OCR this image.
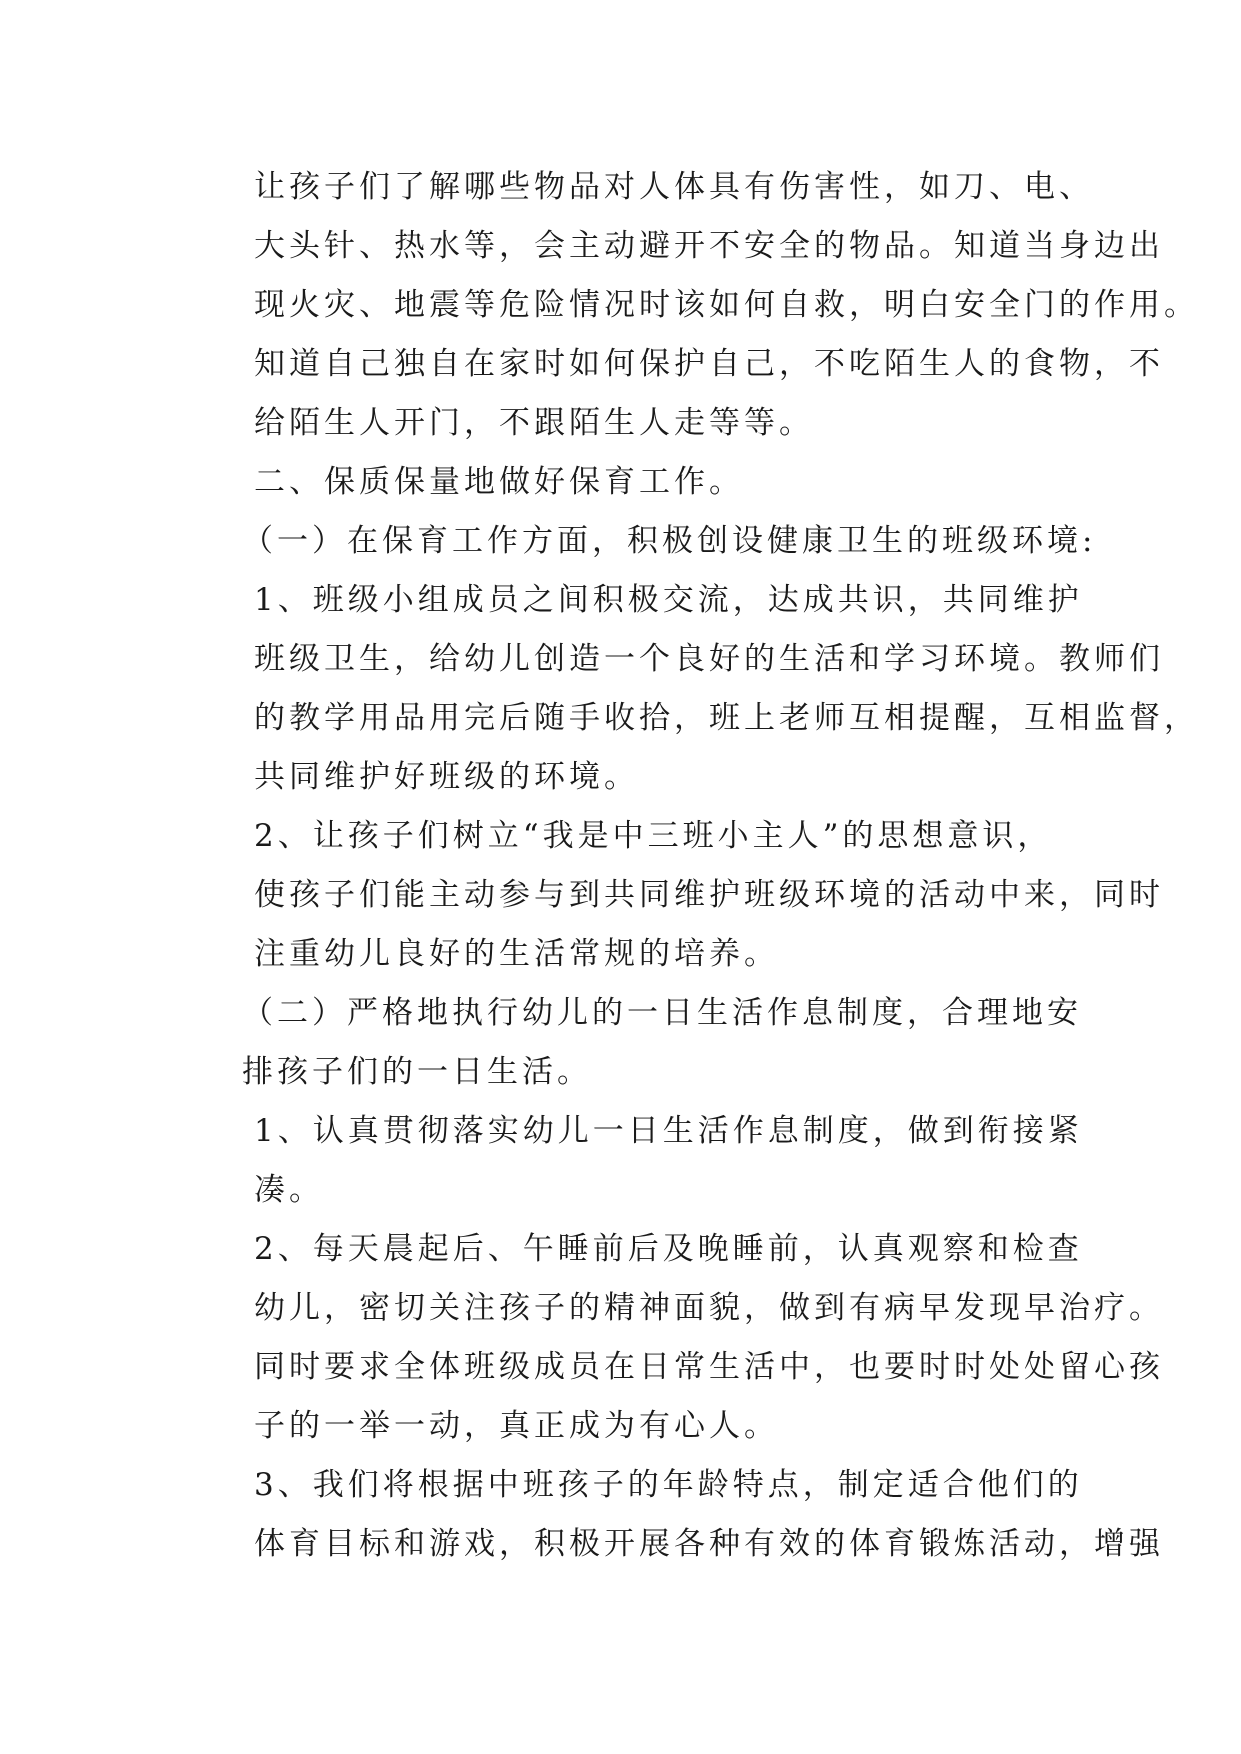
让孩子们了解哪些物品对人体具有伤害性，如刀、电、
大头针、热水等，会主动避开不安全的物品。知道当身边出
现火灾、地震等危险情况时该如何自救，明白安全门的作用。
知道自己独自在家时如何保护自己，不吃陌生人的食物，不
给陌生人开门，不跟陌生人走等等。

二、保质保量地做好保育工作。

（一）在保育工作方面，积极创设健康卫生的班级环境:

1、班级小组成员之间积极交流，达成共识，共同维护
班级卫生，给幼儿创造一个良好的生活和学习环境。教师们
的教学用品用完后随手收拾，班上老师互相提醒，互相监督，
共同维护好班级的环境。

2、让孩子们树立“我是中三班小主人”的思想意识，
使孩子们能主动参与到共同维护班级环境的活动中来，同时
注重幼儿良好的生活常规的培养。

（二）严格地执行幼儿的一日生活作息制度，合理地安
排孩子们的一日生活。

1、认真贯彻落实幼儿一日生活作息制度，做到衔接紧
凑。

2、每天晨起后、午睡前后及晚睡前，认真观察和检查
幼儿，密切关注孩子的精神面貌，做到有病早发现早治疗。
同时要求全体班级成员在日常生活中，也要时时处处留心孩
子的一举一动，真正成为有心人。

3、我们将根据中班孩子的年龄特点，制定适合他们的
体育目标和游戏，积极开展各种有效的体育锻炼活动，增强
